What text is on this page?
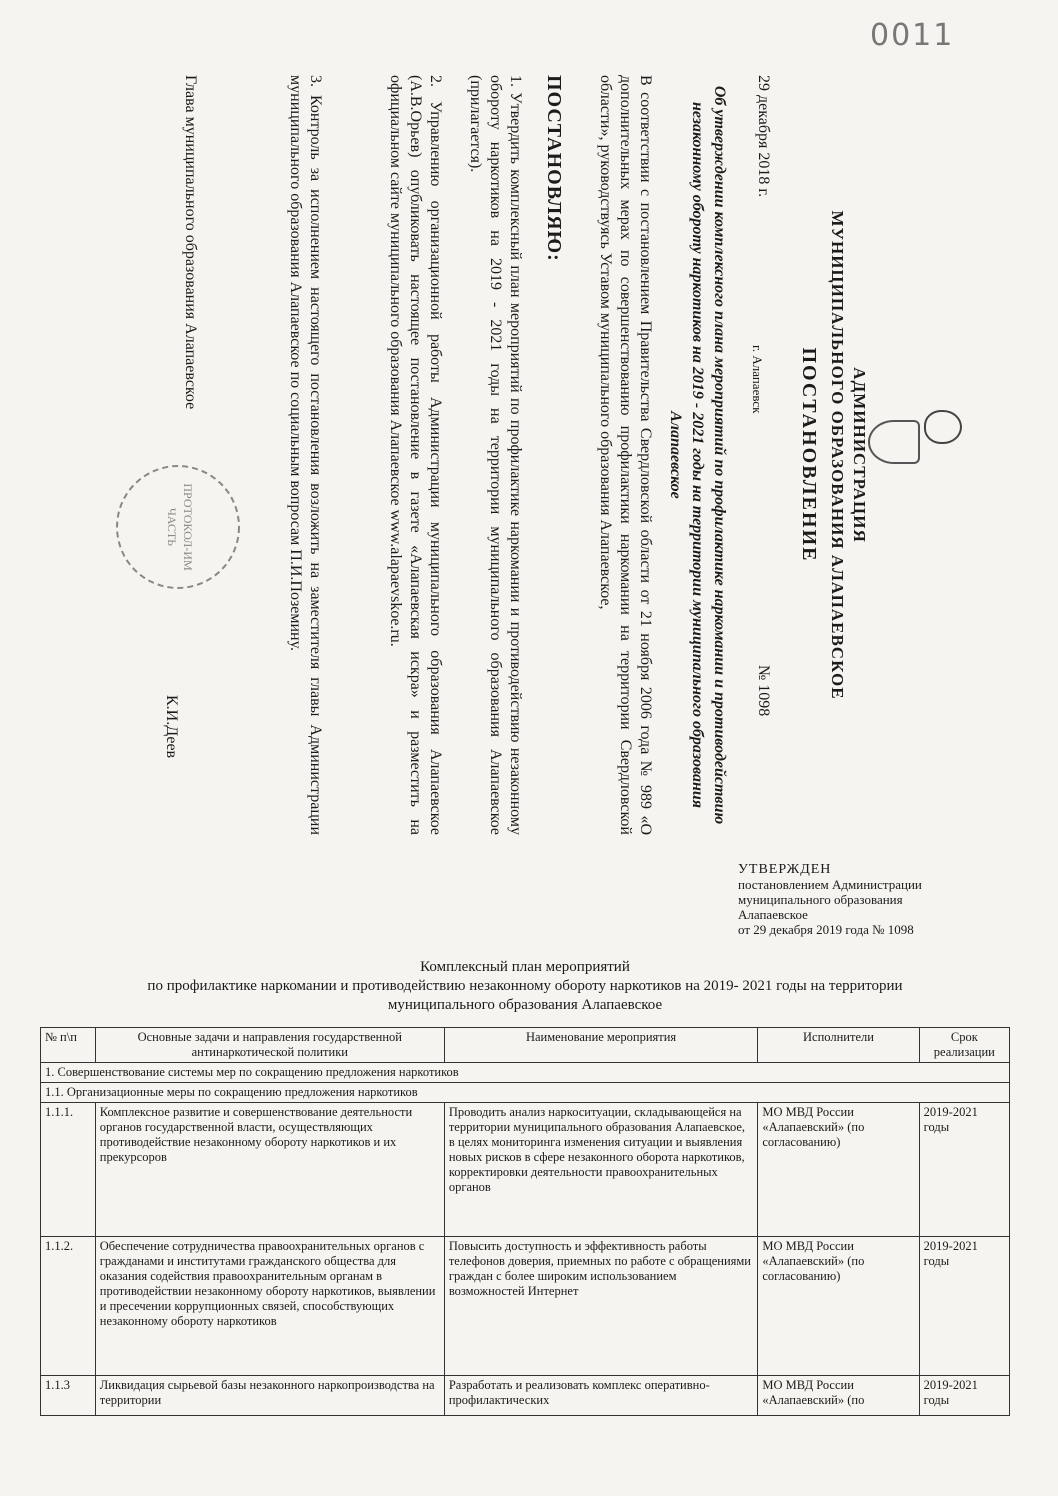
0011
АДМИНИСТРАЦИЯ
МУНИЦИПАЛЬНОГО ОБРАЗОВАНИЯ АЛАПАЕВСКОЕ
ПОСТАНОВЛЕНИЕ
29 декабря 2018 г.
г. Алапаевск
№ 1098
Об утверждении комплексного плана мероприятий по профилактике наркомании и противодействию незаконному обороту наркотиков на 2019 - 2021 годы на территории муниципального образования Алапаевское
В соответствии с постановлением Правительства Свердловской области от 21 ноября 2006 года № 989 «О дополнительных мерах по совершенствованию профилактики наркомании на территории Свердловской области», руководствуясь Уставом муниципального образования Алапаевское,
ПОСТАНОВЛЯЮ:
1. Утвердить комплексный план мероприятий по профилактике наркомании и противодействию незаконному обороту наркотиков на 2019 - 2021 годы на территории муниципального образования Алапаевское (прилагается).
2. Управлению организационной работы Администрации муниципального образования Алапаевское (А.В.Орьев) опубликовать настоящее постановление в газете «Алапаевская искра» и разместить на официальном сайте муниципального образования Алапаевское www.alapaevskoe.ru.
3. Контроль за исполнением настоящего постановления возложить на заместителя главы Администрации муниципального образования Алапаевское по социальным вопросам П.И.Поземину.
Глава муниципального образования Алапаевское
ПРОТОКОЛ-ИМ ЧАСТЬ
К.И.Деев
УТВЕРЖДЕН
постановлением Администрации
муниципального образования
Алапаевское
от 29 декабря 2019 года № 1098
Комплексный план мероприятий
по профилактике наркомании и противодействию незаконному обороту наркотиков на 2019- 2021 годы на территории
муниципального образования Алапаевское
№ п\п	Основные задачи и направления государственной антинаркотической политики	Наименование мероприятия	Исполнители	Срок реализации
1. Совершенствование системы мер по сокращению предложения наркотиков				
1.1. Организационные меры по сокращению предложения наркотиков				
1.1.1.	Комплексное развитие и совершенствование деятельности органов государственной власти, осуществляющих противодействие незаконному обороту наркотиков и их прекурсоров	Проводить анализ наркоситуации, складывающейся на территории муниципального образования Алапаевское, в целях мониторинга изменения ситуации и выявления новых рисков в сфере незаконного оборота наркотиков, корректировки деятельности правоохранительных органов	МО МВД России «Алапаевский» (по согласованию)	2019-2021 годы
1.1.2.	Обеспечение сотрудничества правоохранительных органов с гражданами и институтами гражданского общества для оказания содействия правоохранительным органам в противодействии незаконному обороту наркотиков, выявлении и пресечении коррупционных связей, способствующих незаконному обороту наркотиков	Повысить доступность и эффективность работы телефонов доверия, приемных по работе с обращениями граждан с более широким использованием возможностей Интернет	МО МВД России «Алапаевский» (по согласованию)	2019-2021 годы
1.1.3	Ликвидация сырьевой базы незаконного наркопроизводства на территории	Разработать и реализовать комплекс оперативно-профилактических	МО МВД России «Алапаевский» (по	2019-2021 годы
